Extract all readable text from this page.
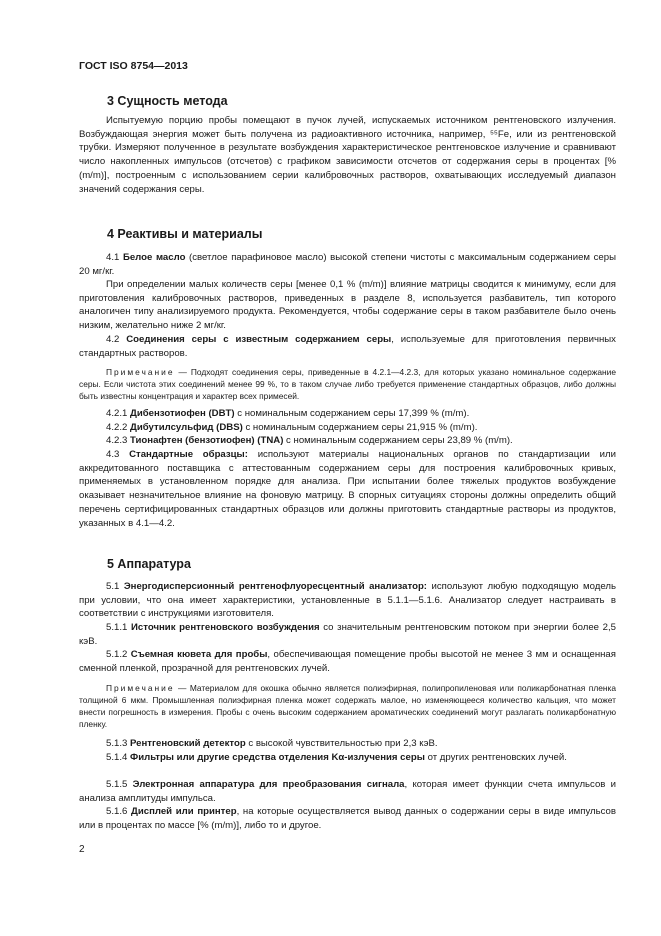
ГОСТ ISO 8754—2013
3 Сущность метода
Испытуемую порцию пробы помещают в пучок лучей, испускаемых источником рентгеновского излучения. Возбуждающая энергия может быть получена из радиоактивного источника, например, ⁵⁵Fe, или из рентгеновской трубки. Измеряют полученное в результате возбуждения характеристическое рентгеновское излучение и сравнивают число накопленных импульсов (отсчетов) с графиком зависимости отсчетов от содержания серы в процентах [% (m/m)], построенным с использованием серии калибровочных растворов, охватывающих исследуемый диапазон значений содержания серы.
4 Реактивы и материалы
4.1 Белое масло (светлое парафиновое масло) высокой степени чистоты с максимальным содержанием серы 20 мг/кг.
При определении малых количеств серы [менее 0,1 % (m/m)] влияние матрицы сводится к минимуму, если для приготовления калибровочных растворов, приведенных в разделе 8, используется разбавитель, тип которого аналогичен типу анализируемого продукта. Рекомендуется, чтобы содержание серы в таком разбавителе было очень низким, желательно ниже 2 мг/кг.
4.2 Соединения серы с известным содержанием серы, используемые для приготовления первичных стандартных растворов.
Примечание — Подходят соединения серы, приведенные в 4.2.1—4.2.3, для которых указано номинальное содержание серы. Если чистота этих соединений менее 99 %, то в таком случае либо требуется применение стандартных образцов, либо должны быть известны концентрация и характер всех примесей.
4.2.1 Дибензотиофен (DBT) с номинальным содержанием серы 17,399 % (m/m).
4.2.2 Дибутилсульфид (DBS) с номинальным содержанием серы 21,915 % (m/m).
4.2.3 Тионафтен (бензотиофен) (TNA) с номинальным содержанием серы 23,89 % (m/m).
4.3 Стандартные образцы: используют материалы национальных органов по стандартизации или аккредитованного поставщика с аттестованным содержанием серы для построения калибровочных кривых, применяемых в установленном порядке для анализа. При испытании более тяжелых продуктов возбуждение оказывает незначительное влияние на фоновую матрицу. В спорных ситуациях стороны должны определить общий перечень сертифицированных стандартных образцов или должны приготовить стандартные растворы из продуктов, указанных в 4.1—4.2.
5 Аппаратура
5.1 Энергодисперсионный рентгенофлуоресцентный анализатор: используют любую подходящую модель при условии, что она имеет характеристики, установленные в 5.1.1—5.1.6. Анализатор следует настраивать в соответствии с инструкциями изготовителя.
5.1.1 Источник рентгеновского возбуждения со значительным рентгеновским потоком при энергии более 2,5 кэВ.
5.1.2 Съемная кювета для пробы, обеспечивающая помещение пробы высотой не менее 3 мм и оснащенная сменной пленкой, прозрачной для рентгеновских лучей.
Примечание — Материалом для окошка обычно является полиэфирная, полипропиленовая или поликарбонатная пленка толщиной 6 мкм. Промышленная полиэфирная пленка может содержать малое, но изменяющееся количество кальция, что может внести погрешность в измерения. Пробы с очень высоким содержанием ароматических соединений могут разлагать поликарбонатную пленку.
5.1.3 Рентгеновский детектор с высокой чувствительностью при 2,3 кэВ.
5.1.4 Фильтры или другие средства отделения Kα-излучения серы от других рентгеновских лучей.
5.1.5 Электронная аппаратура для преобразования сигнала, которая имеет функции счета импульсов и анализа амплитуды импульса.
5.1.6 Дисплей или принтер, на которые осуществляется вывод данных о содержании серы в виде импульсов или в процентах по массе [% (m/m)], либо то и другое.
2
